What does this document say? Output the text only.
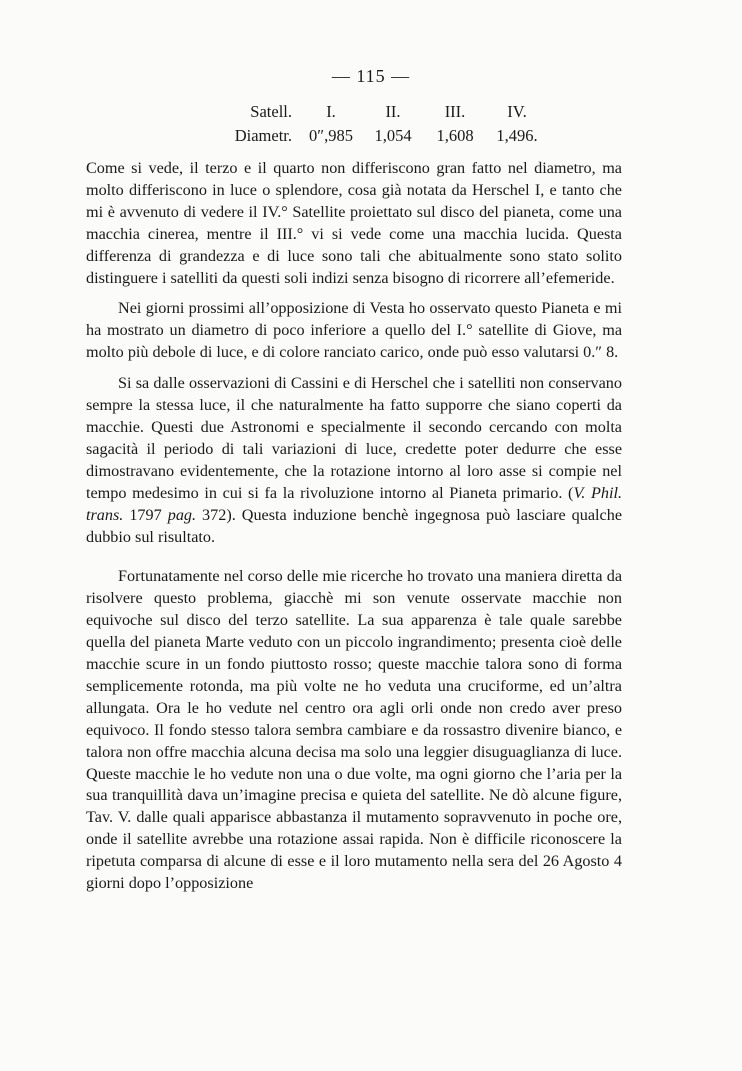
— 115 —
Satell.	I.	II.	III.	IV.
Diametr.	0″,985	1,054	1,608	1,496.

Come si vede, il terzo e il quarto non differiscono gran fatto nel diametro, ma molto differiscono in luce o splendore, cosa già notata da Herschel I, e tanto che mi è avvenuto di vedere il IV.° Satellite proiettato sul disco del pianeta, come una macchia cinerea, mentre il III.° vi si vede come una macchia lucida. Questa differenza di grandezza e di luce sono tali che abitualmente sono stato solito distinguere i satelliti da questi soli indizi senza bisogno di ricorrere all’efemeride.

Nei giorni prossimi all’opposizione di Vesta ho osservato questo Pianeta e mi ha mostrato un diametro di poco inferiore a quello del I.° satellite di Giove, ma molto più debole di luce, e di colore ranciato carico, onde può esso valutarsi 0.″ 8.

Si sa dalle osservazioni di Cassini e di Herschel che i satelliti non conservano sempre la stessa luce, il che naturalmente ha fatto supporre che siano coperti da macchie. Questi due Astronomi e specialmente il secondo cercando con molta sagacità il periodo di tali variazioni di luce, credette poter dedurre che esse dimostravano evidentemente, che la rotazione intorno al loro asse si compie nel tempo medesimo in cui si fa la rivoluzione intorno al Pianeta primario. (V. Phil. trans. 1797 pag. 372). Questa induzione benchè ingegnosa può lasciare qualche dubbio sul risultato.

Fortunatamente nel corso delle mie ricerche ho trovato una maniera diretta da risolvere questo problema, giacchè mi son venute osservate macchie non equivoche sul disco del terzo satellite. La sua apparenza è tale quale sarebbe quella del pianeta Marte veduto con un piccolo ingrandimento; presenta cioè delle macchie scure in un fondo piuttosto rosso; queste macchie talora sono di forma semplicemente rotonda, ma più volte ne ho veduta una cruciforme, ed un’altra allungata. Ora le ho vedute nel centro ora agli orli onde non credo aver preso equivoco. Il fondo stesso talora sembra cambiare e da rossastro divenire bianco, e talora non offre macchia alcuna decisa ma solo una leggier disuguaglianza di luce. Queste macchie le ho vedute non una o due volte, ma ogni giorno che l’aria per la sua tranquillità dava un’imagine precisa e quieta del satellite. Ne dò alcune figure, Tav. V. dalle quali apparisce abbastanza il mutamento sopravvenuto in poche ore, onde il satellite avrebbe una rotazione assai rapida. Non è difficile riconoscere la ripetuta comparsa di alcune di esse e il loro mutamento nella sera del 26 Agosto 4 giorni dopo l’opposizione
